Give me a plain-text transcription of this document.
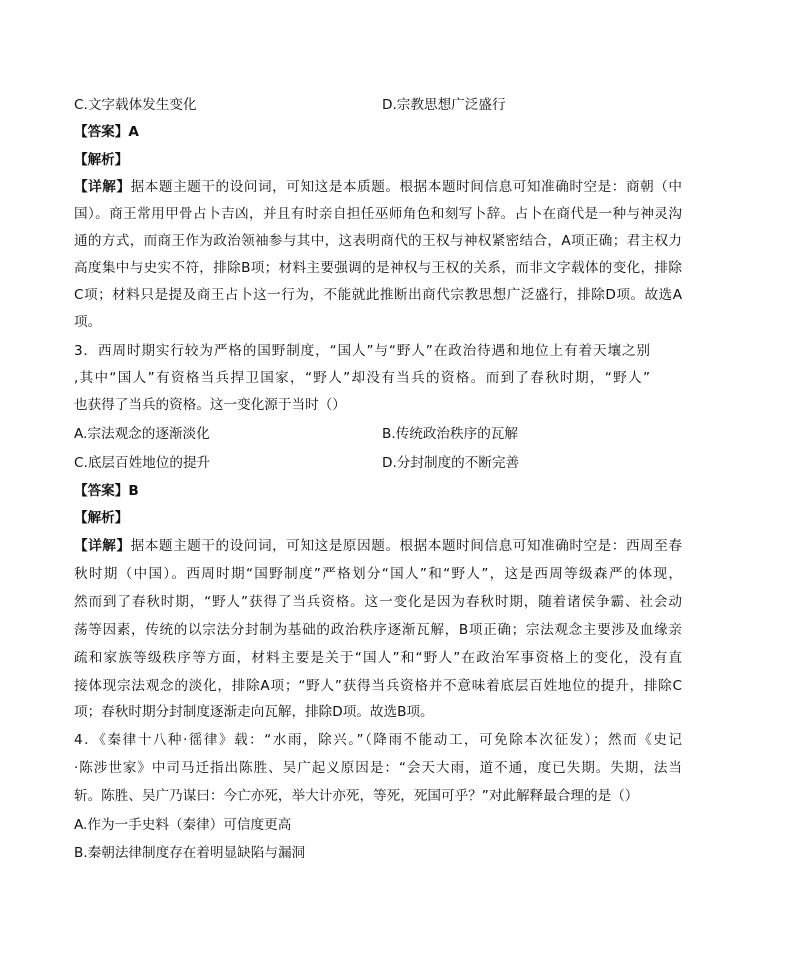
C.文字载体发生变化	D.宗教思想广泛盛行
【答案】A
【解析】
【详解】据本题主题干的设问词，可知这是本质题。根据本题时间信息可知准确时空是：商朝（中
国）。商王常用甲骨占卜吉凶，并且有时亲自担任巫师角色和刻写卜辞。占卜在商代是一种与神灵沟
通的方式，而商王作为政治领袖参与其中，这表明商代的王权与神权紧密结合，A项正确；君主权力
高度集中与史实不符，排除B项；材料主要强调的是神权与王权的关系，而非文字载体的变化，排除
C项；材料只是提及商王占卜这一行为，不能就此推断出商代宗教思想广泛盛行，排除D项。故选A
项。
3．西周时期实行较为严格的国野制度，“国人”与“野人”在政治待遇和地位上有着天壤之别
,其中“国人”有资格当兵捍卫国家，“野人”却没有当兵的资格。而到了春秋时期，“野人”
也获得了当兵的资格。这一变化源于当时（）
A.宗法观念的逐渐淡化	B.传统政治秩序的瓦解
C.底层百姓地位的提升	D.分封制度的不断完善
【答案】B
【解析】
【详解】据本题主题干的设问词，可知这是原因题。根据本题时间信息可知准确时空是：西周至春
秋时期（中国）。西周时期“国野制度”严格划分“国人”和“野人”，这是西周等级森严的体现，
然而到了春秋时期，“野人”获得了当兵资格。这一变化是因为春秋时期，随着诸侯争霸、社会动
荡等因素，传统的以宗法分封制为基础的政治秩序逐渐瓦解，B项正确；宗法观念主要涉及血缘亲
疏和家族等级秩序等方面，材料主要是关于“国人”和“野人”在政治军事资格上的变化，没有直
接体现宗法观念的淡化，排除A项；“野人”获得当兵资格并不意味着底层百姓地位的提升，排除C
项；春秋时期分封制度逐渐走向瓦解，排除D项。故选B项。
4．《秦律十八种·徭律》载：“水雨，除兴。”（降雨不能动工，可免除本次征发）；然而《史记
·陈涉世家》中司马迁指出陈胜、吴广起义原因是：“会天大雨，道不通，度已失期。失期，法当
斩。陈胜、吴广乃谋曰：今亡亦死，举大计亦死，等死，死国可乎？”对此解释最合理的是（）
A.作为一手史料（秦律）可信度更高
B.秦朝法律制度存在着明显缺陷与漏洞
